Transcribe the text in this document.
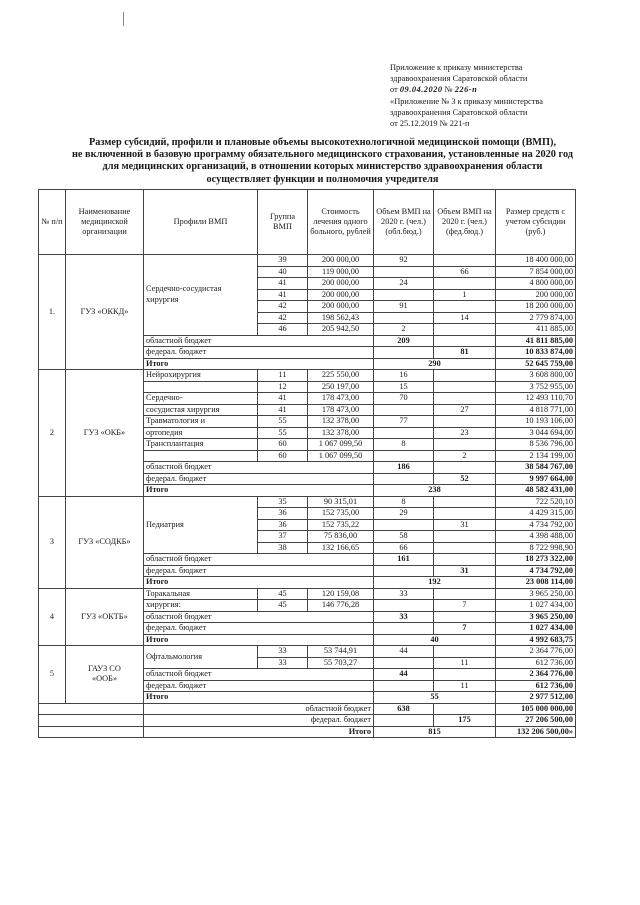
Приложение к приказу министерства
здравоохранения Саратовской области
от 09.04.2020 № 226-п
«Приложение № 3 к приказу министерства
здравоохранения Саратовской области
от 25.12.2019 № 221-п
Размер субсидий, профили и плановые объемы высокотехнологичной медицинской помощи (ВМП),
не включенной в базовую программу обязательного медицинского страхования, установленные на 2020 год
для медицинских организаций, в отношении которых министерство здравоохранения области
осуществляет функции и полномочия учредителя
№ п/п	Наименование медицинской организации	Профили ВМП	Группа ВМП	Стоимость лечения одного больного, рублей	Объем ВМП на 2020 г. (чел.) (обл.бюд.)	Объем ВМП на 2020 г. (чел.) (фед.бюд.)	Размер средств с учетом субсидии (руб.)
1.	ГУЗ «ОККД»	Сердечно-сосудистая хирургия	39	200 000,00	92		18 400 000,00
			40	119 000,00		66	7 854 000,00
			41	200 000,00	24		4 800 000,00
			41	200 000,00		1	200 000,00
			42	200 000,00	91		18 200 000,00
			42	198 562,43		14	2 779 874,00
			46	205 942,50	2		411 885,00
		областной бюджет			209		41 811 885,00
		федерал. бюджет				81	10 833 874,00
		Итого			290		52 645 759,00
2	ГУЗ «ОКБ»	Нейрохирургия	11	225 550,00	16		3 608 800,00
			12	250 197,00	15		3 752 955,00
		Сердечно-	41	178 473,00	70		12 493 110,70
		сосудистая хирургия	41	178 473,00		27	4 818 771,00
		Травматология и	55	132 378,00	77		10 193 106,00
		ортопедия	55	132 378,00		23	3 044 694,00
		Трансплантация	60	1 067 099,50	8		8 536 796,00
			60	1 067 099,50		2	2 134 199,00
		областной бюджет			186		38 584 767,00
		федерал. бюджет				52	9 997 664,00
		Итого			238		48 582 431,00
3	ГУЗ «СОДКБ»	Педиатрия	35	90 315,01	8		722 520,10
			36	152 735,00	29		4 429 315,00
			36	152 735,22		31	4 734 792,00
			37	75 836,00	58		4 398 488,00
			38	132 166,65	66		8 722 998,90
		областной бюджет			161		18 273 322,00
		федерал. бюджет				31	4 734 792,00
		Итого			192		23 008 114,00
4	ГУЗ «ОКТБ»	Торакальная	45	120 159,08	33		3 965 250,00
		хирургия:	45	146 776,28		7	1 027 434,00
		областной бюджет			33		3 965 250,00
		федерал. бюджет				7	1 027 434,00
		Итого			40		4 992 683,75
5	ГАУЗ СО
«ООБ»	Офтальмология	33	53 744,91	44		2 364 776,00
			33	55 703,27		11	612 736,00
		областной бюджет			44		2 364 776,00
		федерал. бюджет				11	612 736,00
		Итого			55		2 977 512,00
		областной бюджет			638		105 000 000,00
		федерал. бюджет				175	27 206 500,00
		Итого			815		132 206 500,00»
